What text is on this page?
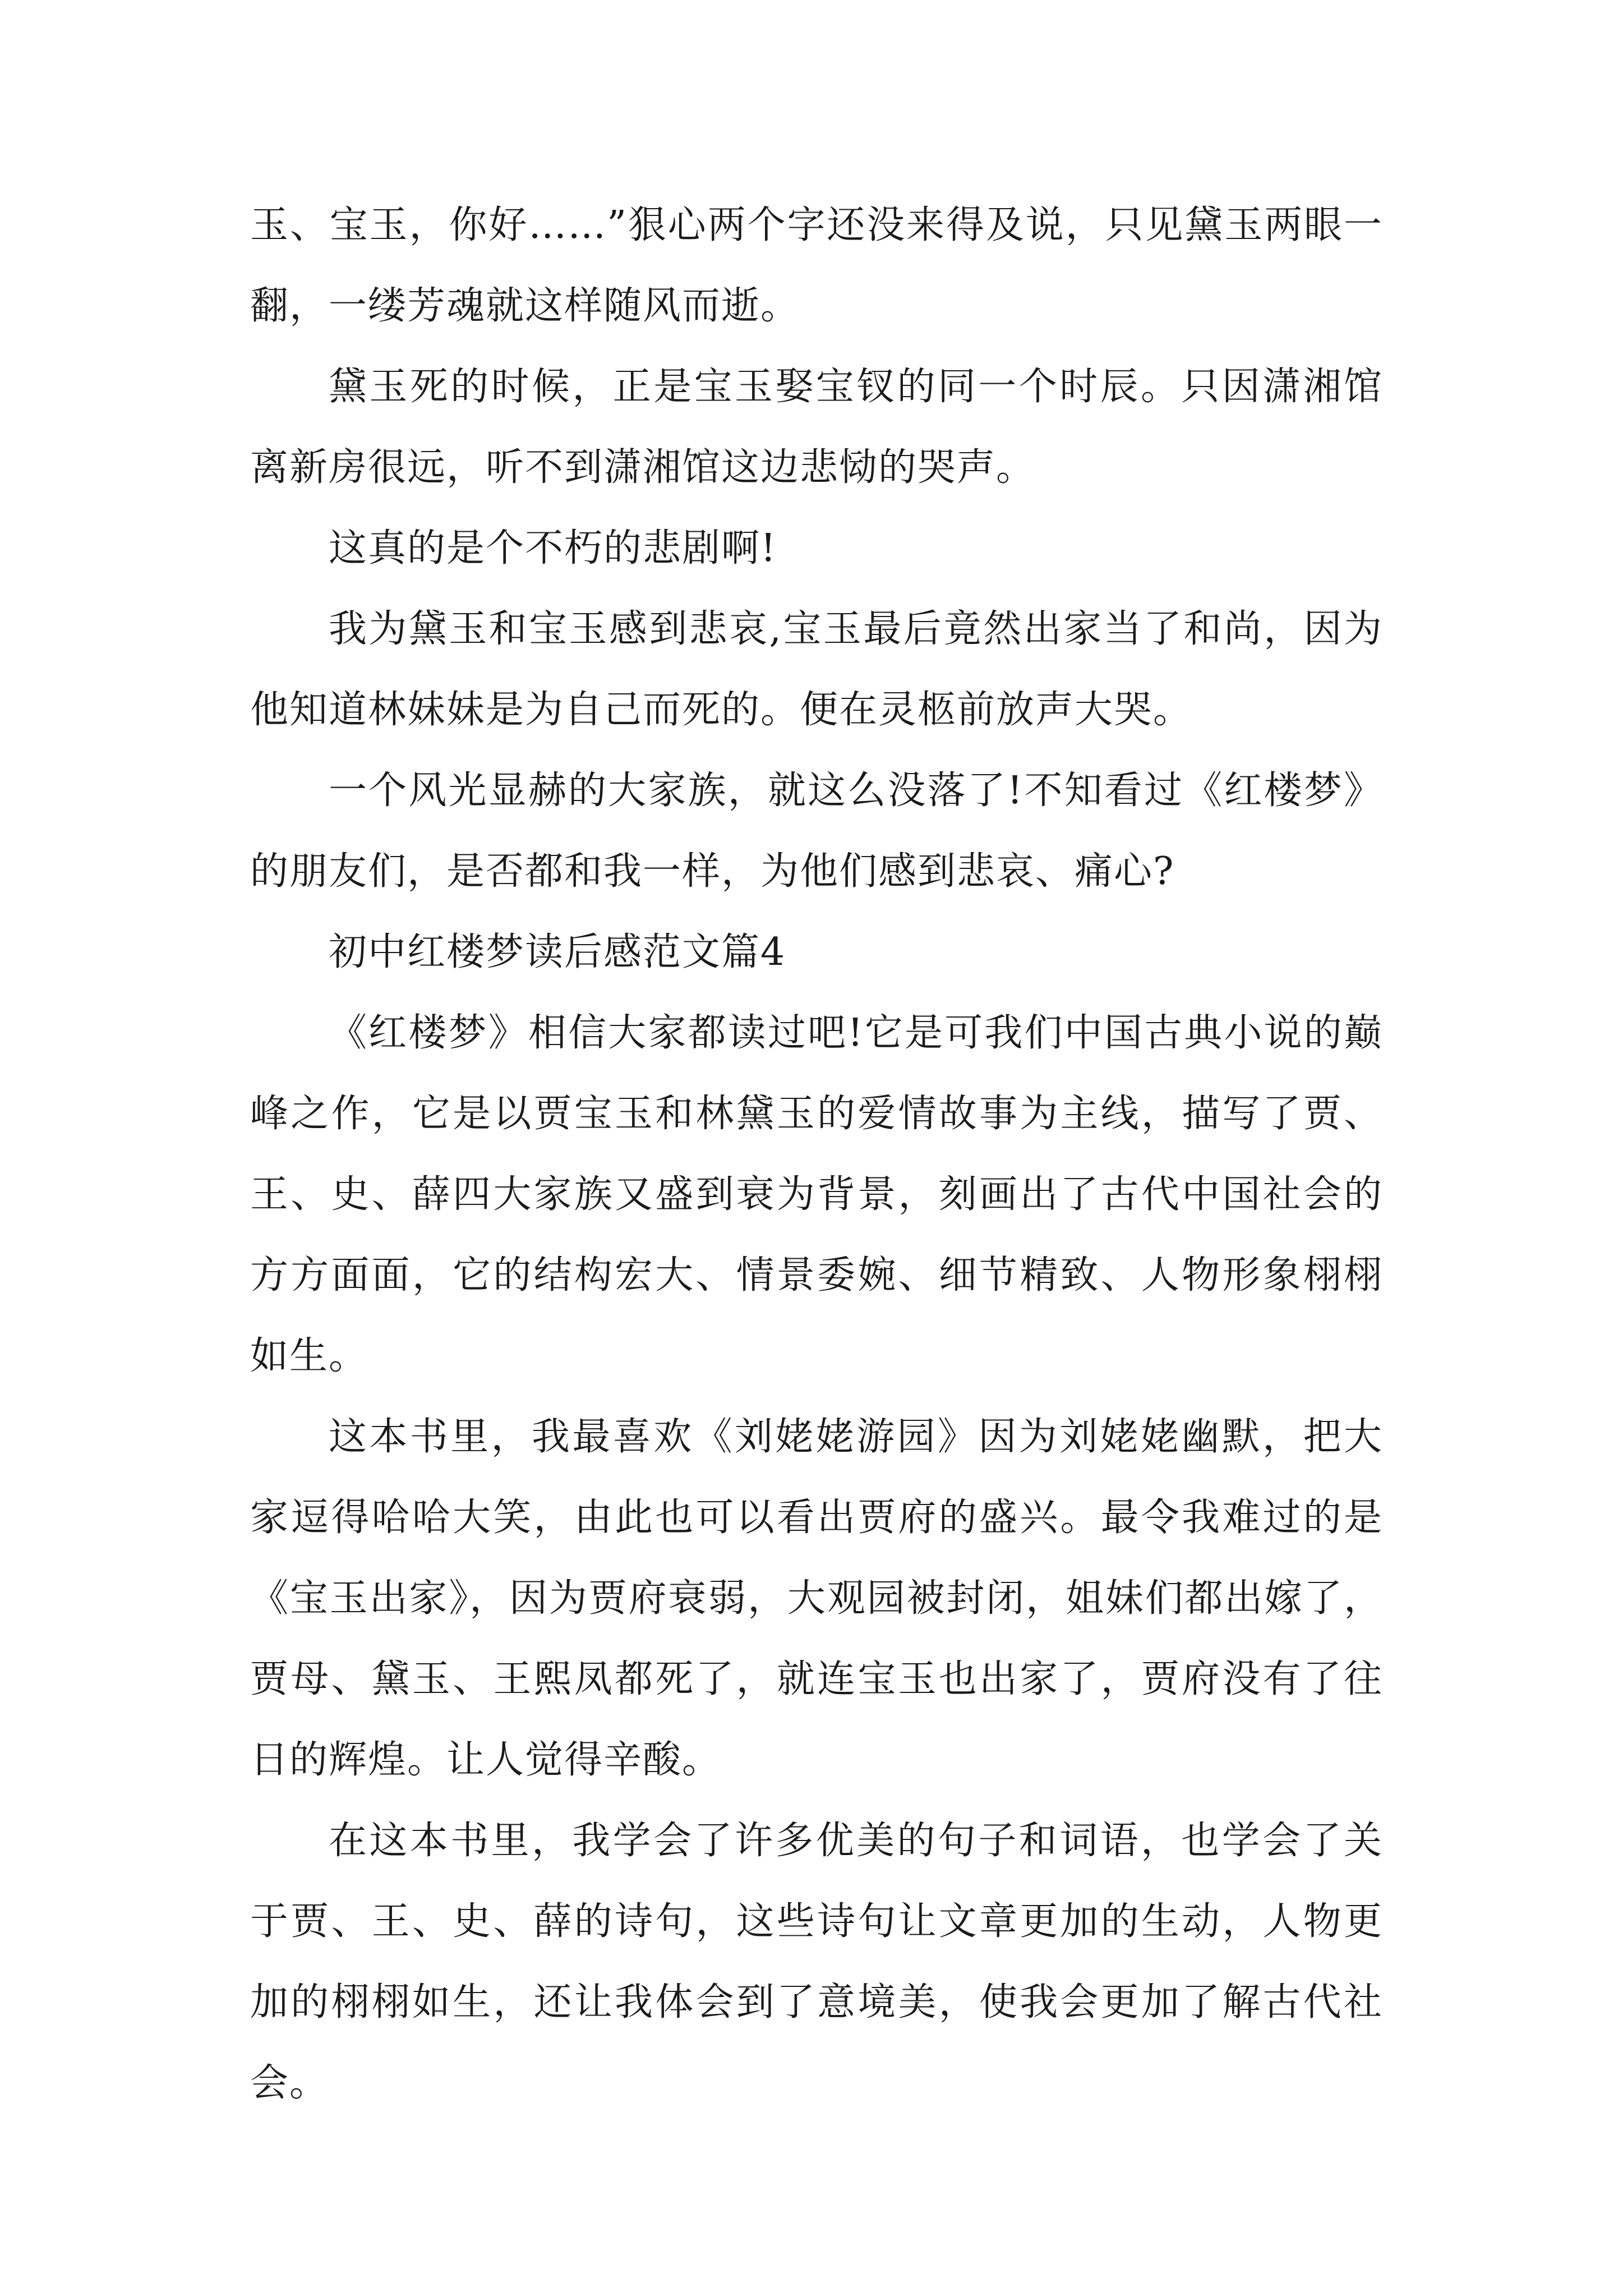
玉、宝玉，你好……”狠心两个字还没来得及说，只见黛玉两眼一翻，一缕芳魂就这样随风而逝。

黛玉死的时候，正是宝玉娶宝钗的同一个时辰。只因潇湘馆离新房很远，听不到潇湘馆这边悲恸的哭声。

这真的是个不朽的悲剧啊!

我为黛玉和宝玉感到悲哀,宝玉最后竟然出家当了和尚，因为他知道林妹妹是为自己而死的。便在灵柩前放声大哭。

一个风光显赫的大家族，就这么没落了!不知看过《红楼梦》的朋友们，是否都和我一样，为他们感到悲哀、痛心?

初中红楼梦读后感范文篇4

《红楼梦》相信大家都读过吧!它是可我们中国古典小说的巅峰之作，它是以贾宝玉和林黛玉的爱情故事为主线，描写了贾、王、史、薛四大家族又盛到衰为背景，刻画出了古代中国社会的方方面面，它的结构宏大、情景委婉、细节精致、人物形象栩栩如生。

这本书里，我最喜欢《刘姥姥游园》因为刘姥姥幽默，把大家逗得哈哈大笑，由此也可以看出贾府的盛兴。最令我难过的是《宝玉出家》，因为贾府衰弱，大观园被封闭，姐妹们都出嫁了，贾母、黛玉、王熙凤都死了，就连宝玉也出家了，贾府没有了往日的辉煌。让人觉得辛酸。

在这本书里，我学会了许多优美的句子和词语，也学会了关于贾、王、史、薛的诗句，这些诗句让文章更加的生动，人物更加的栩栩如生，还让我体会到了意境美，使我会更加了解古代社会。
